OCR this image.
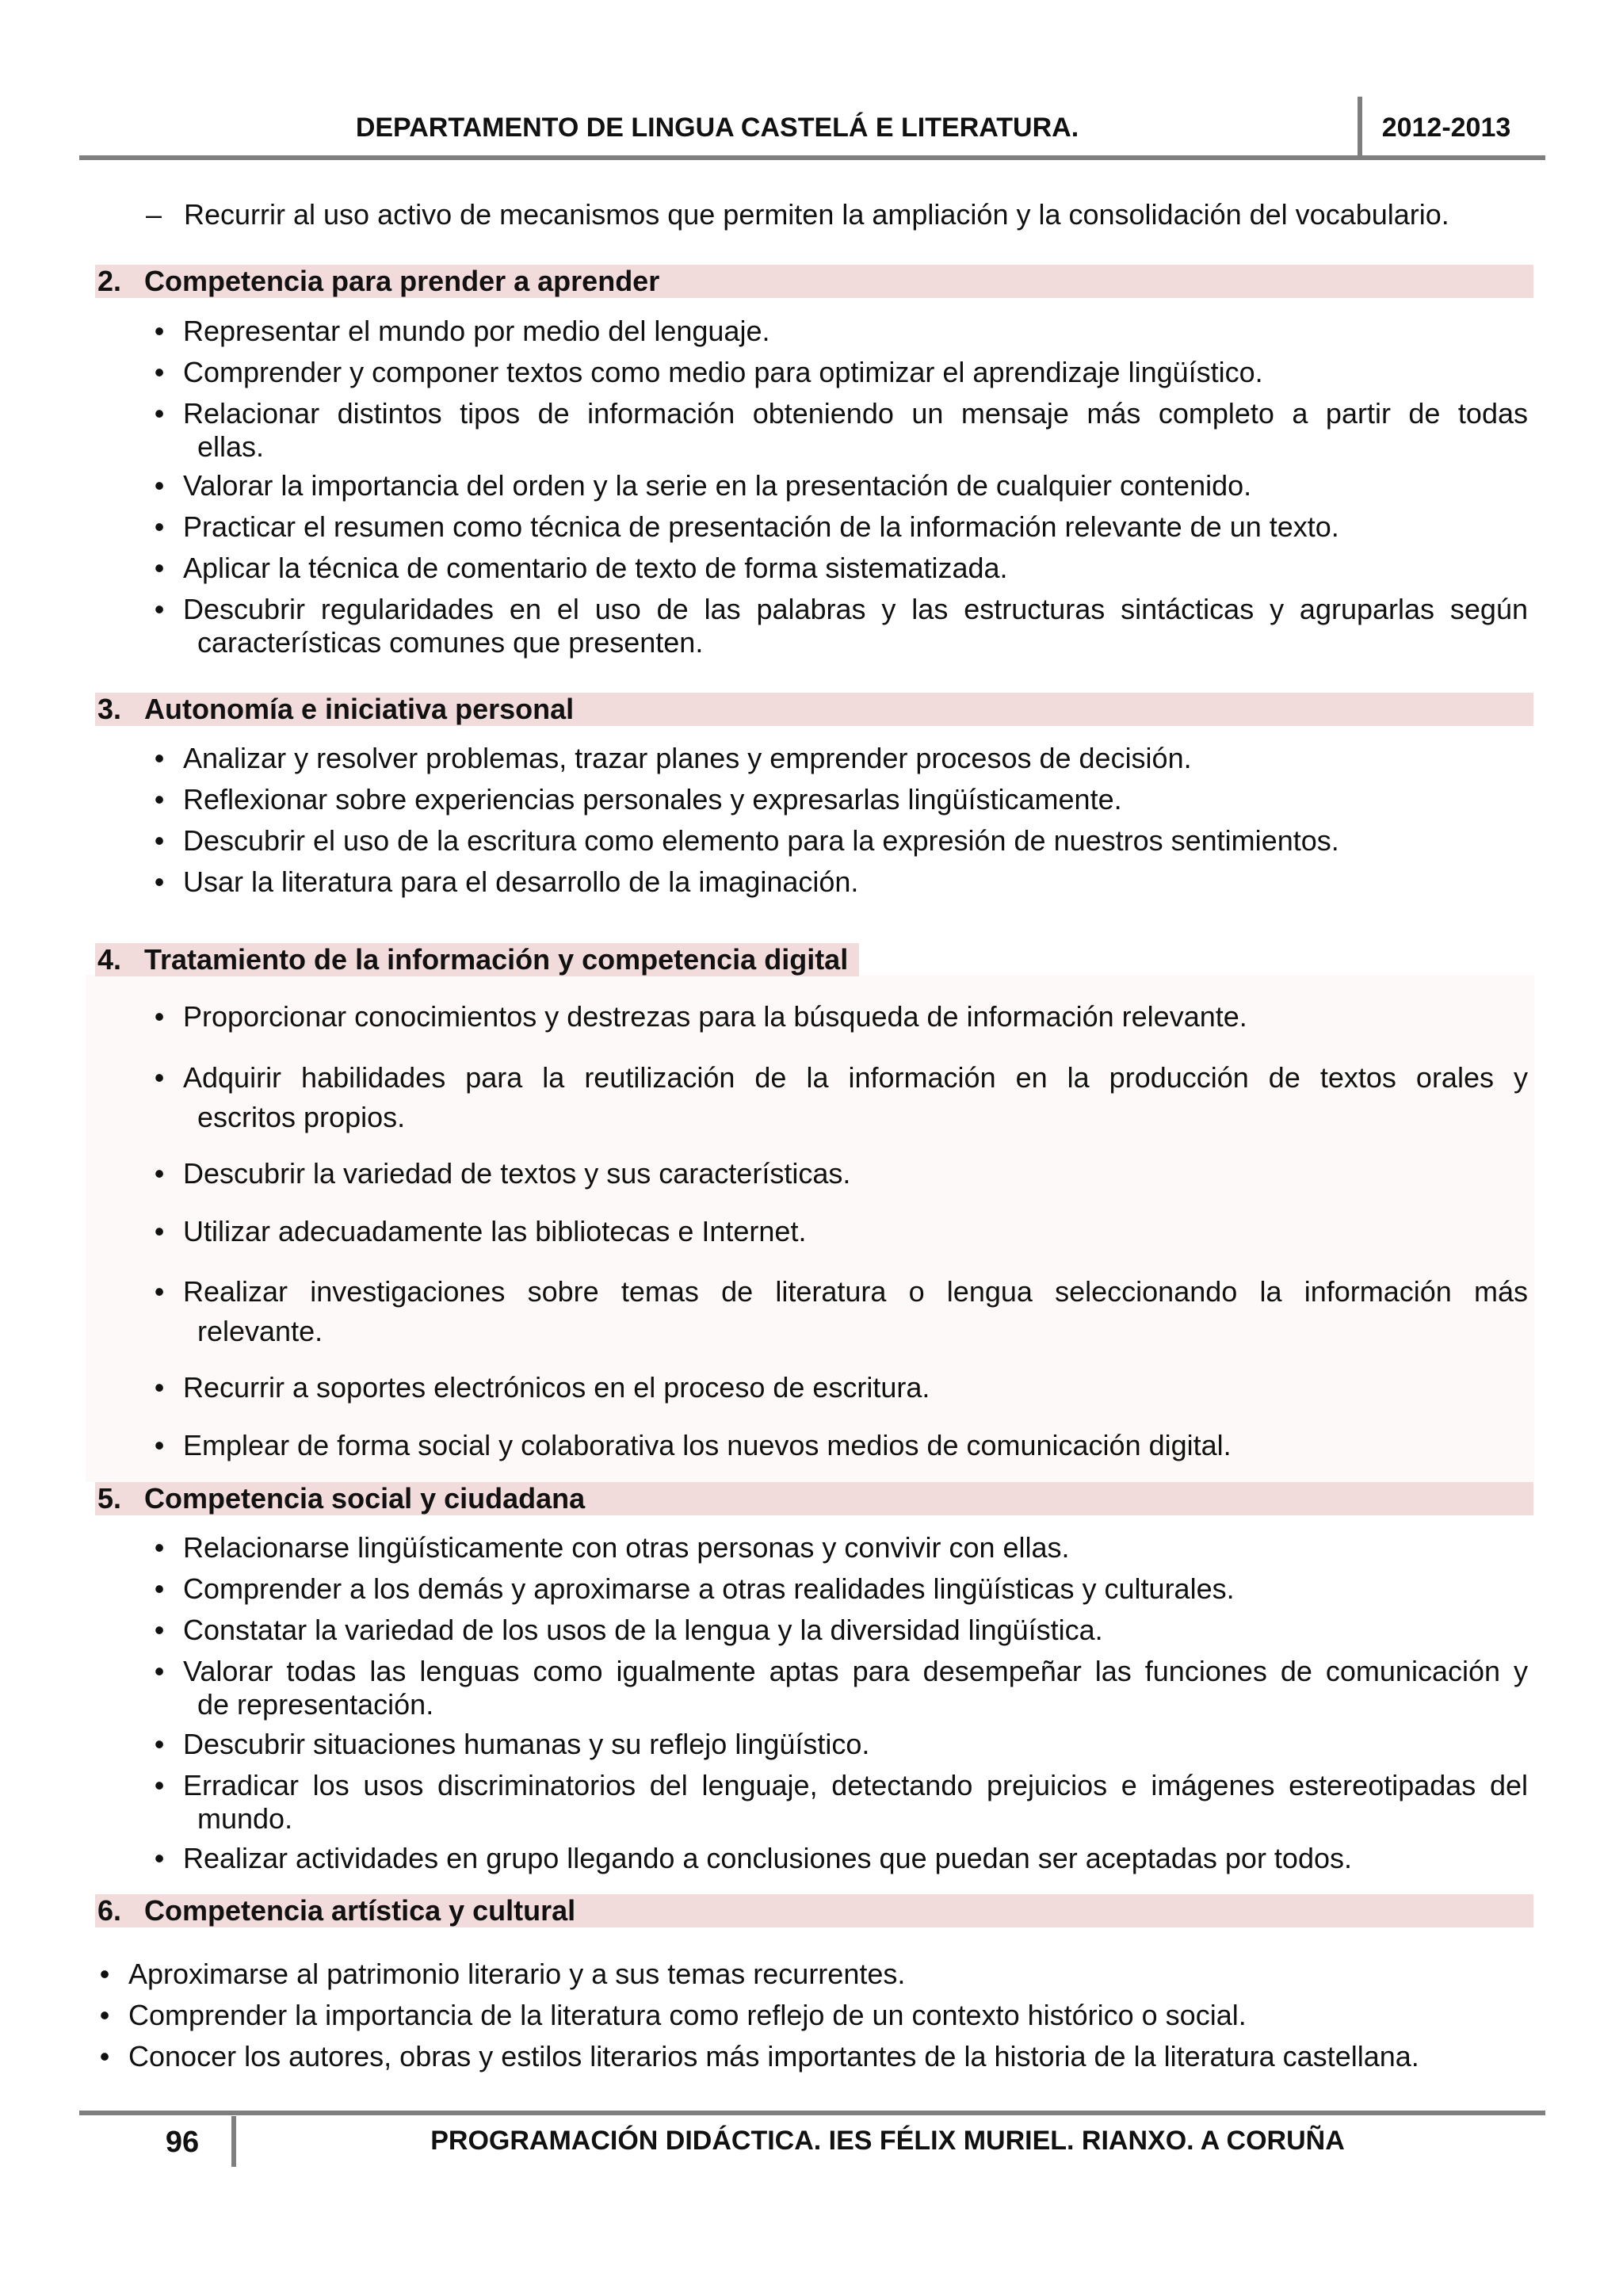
DEPARTAMENTO DE LINGUA CASTELÁ E LITERATURA.	2012-2013
– Recurrir al uso activo de mecanismos que permiten la ampliación y la consolidación del vocabulario.
2. Competencia para prender a aprender
• Representar el mundo por medio del lenguaje.
• Comprender y componer textos como medio para optimizar el aprendizaje lingüístico.
• Relacionar distintos tipos de información obteniendo un mensaje más completo a partir de todas
ellas.
• Valorar la importancia del orden y la serie en la presentación de cualquier contenido.
• Practicar el resumen como técnica de presentación de la información relevante de un texto.
• Aplicar la técnica de comentario de texto de forma sistematizada.
• Descubrir regularidades en el uso de las palabras y las estructuras sintácticas y agruparlas según
características comunes que presenten.
3. Autonomía e iniciativa personal
• Analizar y resolver problemas, trazar planes y emprender procesos de decisión.
• Reflexionar sobre experiencias personales y expresarlas lingüísticamente.
• Descubrir el uso de la escritura como elemento para la expresión de nuestros sentimientos.
• Usar la literatura para el desarrollo de la imaginación.
4. Tratamiento de la información y competencia digital
• Proporcionar conocimientos y destrezas para la búsqueda de información relevante.
• Adquirir habilidades para la reutilización de la información en la producción de textos orales y
escritos propios.
• Descubrir la variedad de textos y sus características.
• Utilizar adecuadamente las bibliotecas e Internet.
• Realizar investigaciones sobre temas de literatura o lengua seleccionando la información más
relevante.
• Recurrir a soportes electrónicos en el proceso de escritura.
• Emplear de forma social y colaborativa los nuevos medios de comunicación digital.
5. Competencia social y ciudadana
• Relacionarse lingüísticamente con otras personas y convivir con ellas.
• Comprender a los demás y aproximarse a otras realidades lingüísticas y culturales.
• Constatar la variedad de los usos de la lengua y la diversidad lingüística.
• Valorar todas las lenguas como igualmente aptas para desempeñar las funciones de comunicación y
de representación.
• Descubrir situaciones humanas y su reflejo lingüístico.
• Erradicar los usos discriminatorios del lenguaje, detectando prejuicios e imágenes estereotipadas del
mundo.
• Realizar actividades en grupo llegando a conclusiones que puedan ser aceptadas por todos.
6. Competencia artística y cultural
• Aproximarse al patrimonio literario y a sus temas recurrentes.
• Comprender la importancia de la literatura como reflejo de un contexto histórico o social.
• Conocer los autores, obras y estilos literarios más importantes de la historia de la literatura castellana.
96	PROGRAMACIÓN DIDÁCTICA. IES FÉLIX MURIEL. RIANXO. A CORUÑA
